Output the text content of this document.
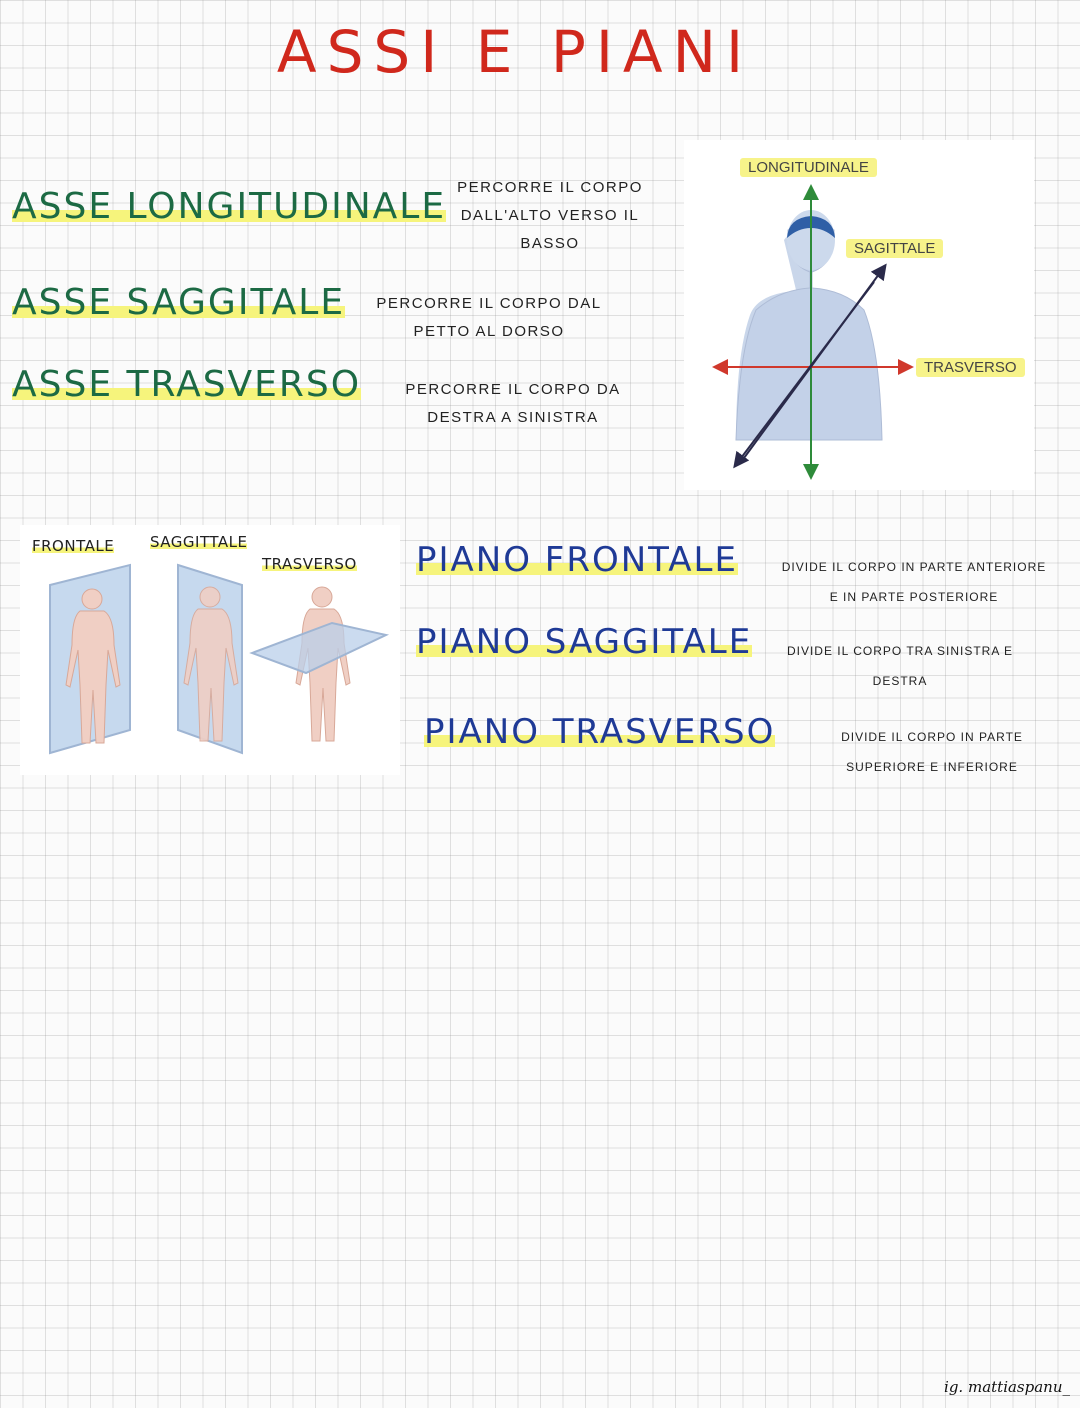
ASSI E PIANI
ASSE LONGITUDINALE PERCORRE IL CORPO
DALL'ALTO VERSO IL
BASSO
ASSE SAGGITALE	PERCORRE IL CORPO DAL
PETTO AL DORSO
ASSE TRASVERSO	PERCORRE IL CORPO DA
DESTRA A SINISTRA
LONGITUDINALE
SAGITTALE
TRASVERSO
FRONTALE SAGGITTALE
TRASVERSO PIANO FRONTALE	DIVIDE IL CORPO IN PARTE ANTERIORE
E IN PARTE POSTERIORE
PIANO SAGGITALE	DIVIDE IL CORPO TRA SINISTRA E
DESTRA
PIANO TRASVERSO	DIVIDE IL CORPO IN PARTE
SUPERIORE E INFERIORE
ig. mattiaspanu_
